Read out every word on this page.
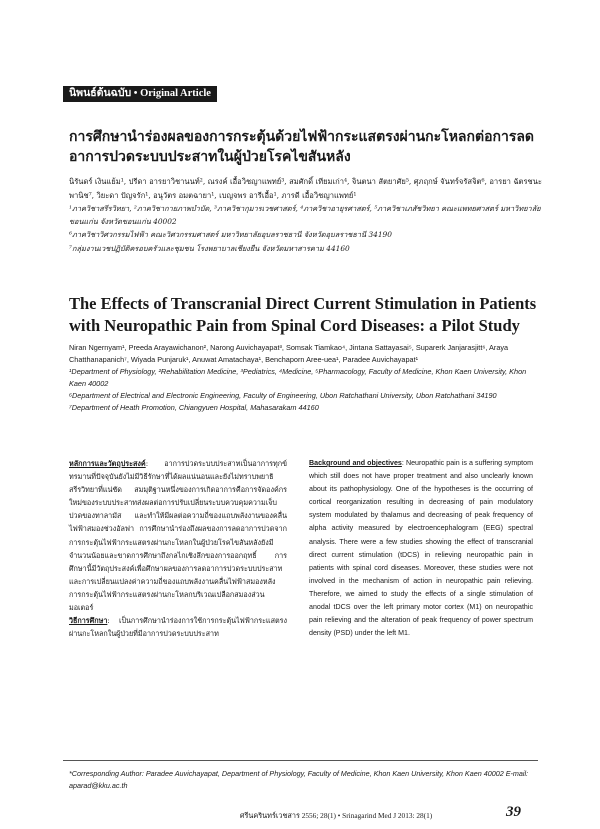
นิพนธ์ต้นฉบับ • Original Article
การศึกษานำร่องผลของการกระตุ้นด้วยไฟฟ้ากระแสตรงผ่านกะโหลกต่อการลดอาการปวดระบบประสาทในผู้ป่วยโรคไขสันหลัง
นิรันดร์ เงินแย้ม¹, ปรีดา อารยาวิชานนท์², ณรงค์ เอื้อวิชญาแพทย์³, สมศักดิ์ เทียมเก่า⁴, จินตนา สัตยาศัย⁵, ศุภฤกษ์ จันทร์จรัสจิต⁶, อารยา ฉัตรชนะพานิช⁷, วิยะดา ปัญจรัก¹, อนุวัตร อมตฉายา¹, เบญจพร อารีเอื้อ¹, ภารดี เอื้อวิชญาแพทย์¹

¹ภาควิชาสรีรวิทยา, ²ภาควิชากายภาพบำบัด, ³ภาควิชากุมารเวชศาสตร์, ⁴ภาควิชาอายุรศาสตร์, ⁵ภาควิชาเภสัชวิทยา คณะแพทยศาสตร์ มหาวิทยาลัยขอนแก่น จังหวัดขอนแก่น 40002

⁶ภาควิชาวิศวกรรมไฟฟ้า คณะวิศวกรรมศาสตร์ มหาวิทยาลัยอุบลราชธานี จังหวัดอุบลราชธานี 34190

⁷กลุ่มงานเวชปฏิบัติครอบครัวและชุมชน โรงพยาบาลเชียงยืน จังหวัดมหาสารคาม 44160

The Effects of Transcranial Direct Current Stimulation in Patients with Neuropathic Pain from Spinal Cord Diseases: a Pilot Study
Niran Ngernyam¹, Preeda Arayawichanon², Narong Auvichayapat³, Somsak Tiamkao⁴, Jintana Sattayasai⁵, Suparerk Janjarasjitt⁶, Araya Chatthanapanich⁷, Wiyada Punjaruk¹, Anuwat Amatachaya¹, Benchaporn Aree-uea¹, Paradee Auvichayapat¹

¹Department of Physiology, ²Rehabilitation Medicine, ³Pediatrics, ⁴Medicine, ⁵Pharmacology, Faculty of Medicine, Khon Kaen University, Khon Kaen 40002

⁶Department of Electrical and Electronic Engineering, Faculty of Engineering, Ubon Ratchathani University, Ubon Ratchathani 34190

⁷Department of Heath Promotion, Chiangyuen Hospital, Mahasarakam 44160

หลักการและวัตถุประสงค์: อาการปวดระบบประสาทเป็นอาการทุกข์ทรมานที่ปัจจุบันยังไม่มีวิธีรักษาที่ได้ผลแน่นอนและยังไม่ทราบพยาธิสรีรวิทยาที่แน่ชัด สมมุติฐานหนึ่งของการเกิดอาการคือการจัดองค์กรใหม่ของระบบประสาทส่งผลต่อการปรับเปลี่ยนระบบควบคุมความเจ็บปวดของทาลามัส และทำให้มีผลต่อความถี่ของแถบพลังงานของคลื่นไฟฟ้าสมองช่วงอัลฟา การศึกษานำร่องถึงผลของการลดอาการปวดจากการกระตุ้นไฟฟ้ากระแสตรงผ่านกะโหลกในผู้ป่วยโรคไขสันหลังยังมีจำนวนน้อยและขาดการศึกษาถึงกลไกเชิงลึกของการออกฤทธิ์ การศึกษานี้มีวัตถุประสงค์เพื่อศึกษาผลของการลดอาการปวดระบบประสาทและการเปลี่ยนแปลงค่าความถี่ของแถบพลังงานคลื่นไฟฟ้าสมองหลังการกระตุ้นไฟฟ้ากระแสตรงผ่านกะโหลกบริเวณเปลือกสมองส่วนมอเตอร์

วิธีการศึกษา: เป็นการศึกษานำร่องการใช้การกระตุ้นไฟฟ้ากระแสตรงผ่านกะโหลกในผู้ป่วยที่มีอาการปวดระบบประสาท

Background and objectives: Neuropathic pain is a suffering symptom which still does not have proper treatment and also unclearly known about its pathophysiology. One of the hypotheses is the occurring of cortical reorganization resulting in decreasing of pain modulatory system modulated by thalamus and decreasing of peak frequency of alpha activity measured by electroencephalogram (EEG) spectral analysis. There were a few studies showing the effect of transcranial direct current stimulation (tDCS) in relieving neuropathic pain in patients with spinal cord diseases. Moreover, these studies were not involved in the mechanism of action in neuropathic pain relieving. Therefore, we aimed to study the effects of a single stimulation of anodal tDCS over the left primary motor cortex (M1) on neuropathic pain relieving and the alteration of peak frequency of power spectrum density (PSD) under the left M1.

*Corresponding Author: Paradee Auvichayapat, Department of Physiology, Faculty of Medicine, Khon Kaen University, Khon Kaen 40002 E-mail: aparad@kku.ac.th
ศรีนครินทร์เวชสาร 2556; 28(1) • Srinagarind Med J 2013: 28(1)	39
